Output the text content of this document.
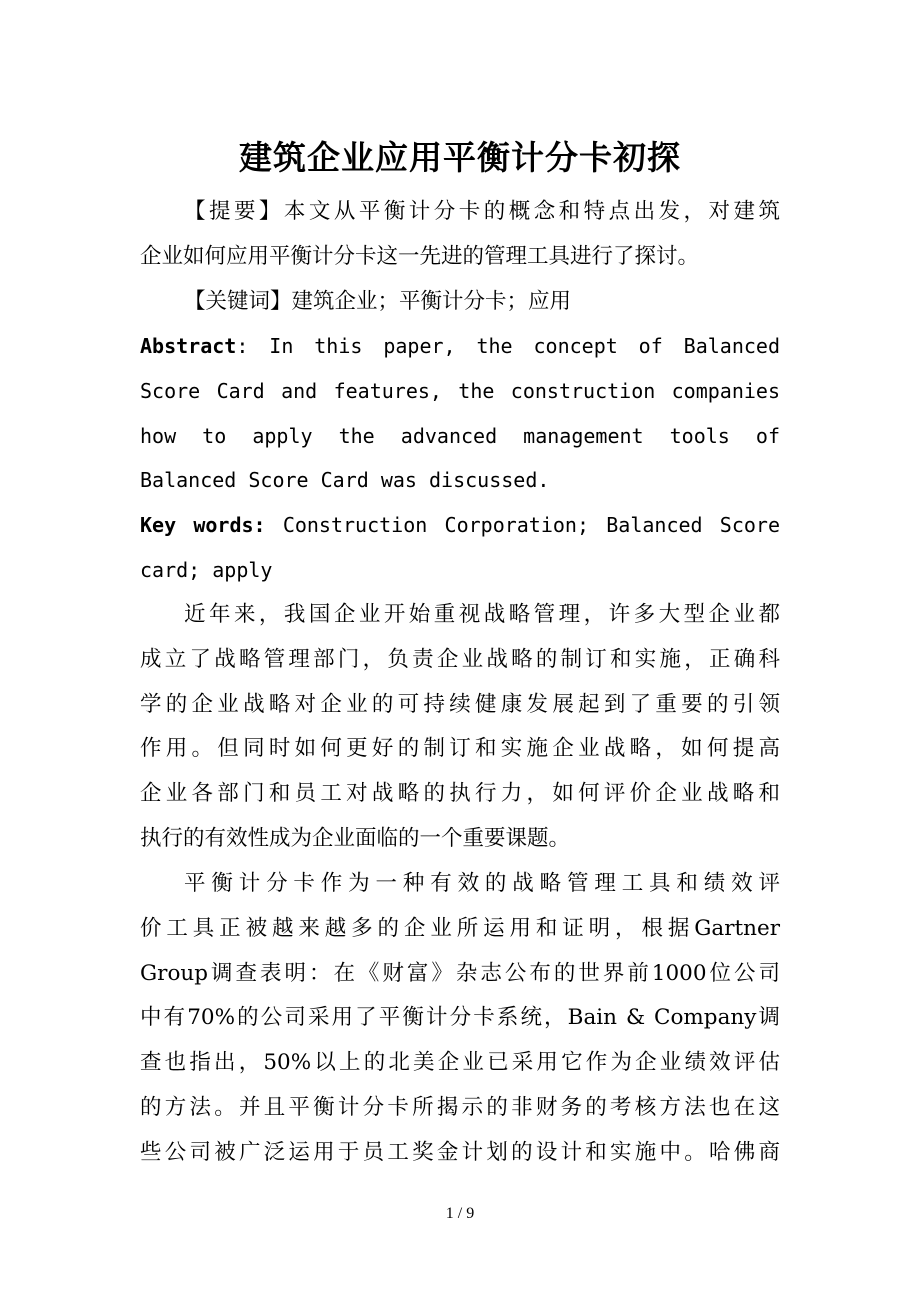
建筑企业应用平衡计分卡初探
【提要】本文从平衡计分卡的概念和特点出发，对建筑
企业如何应用平衡计分卡这一先进的管理工具进行了探讨。
【关键词】建筑企业；平衡计分卡；应用
Abstract: In this paper, the concept of Balanced
Score Card and features, the construction companies
how to apply the advanced management tools of
Balanced Score Card was discussed.
Key words: Construction Corporation; Balanced Score
card; apply
近年来，我国企业开始重视战略管理，许多大型企业都
成立了战略管理部门，负责企业战略的制订和实施，正确科
学的企业战略对企业的可持续健康发展起到了重要的引领
作用。但同时如何更好的制订和实施企业战略，如何提高
企业各部门和员工对战略的执行力，如何评价企业战略和
执行的有效性成为企业面临的一个重要课题。
平衡计分卡作为一种有效的战略管理工具和绩效评
价工具正被越来越多的企业所运用和证明，根据Gartner
Group调查表明：在《财富》杂志公布的世界前1000位公司
中有70%的公司采用了平衡计分卡系统，Bain & Company调
查也指出，50%以上的北美企业已采用它作为企业绩效评估
的方法。并且平衡计分卡所揭示的非财务的考核方法也在这
些公司被广泛运用于员工奖金计划的设计和实施中。哈佛商
1 / 9
